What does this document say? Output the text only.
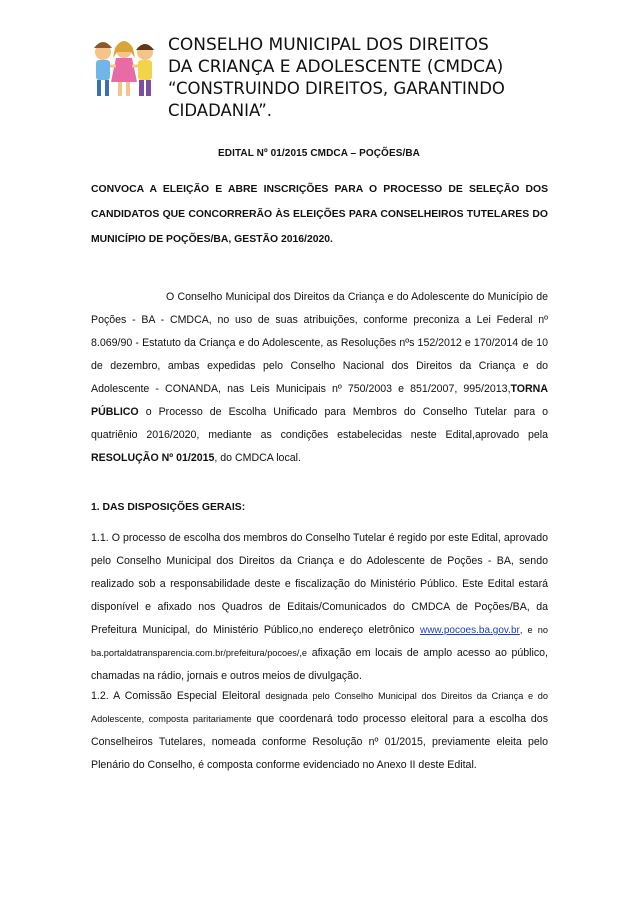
CONSELHO MUNICIPAL DOS DIREITOS
DA CRIANÇA E ADOLESCENTE (CMDCA)
“CONSTRUINDO DIREITOS, GARANTINDO CIDADANIA”.
EDITAL Nº 01/2015 CMDCA – POÇÕES/BA
CONVOCA A ELEIÇÃO E ABRE INSCRIÇÕES PARA O PROCESSO DE SELEÇÃO DOS CANDIDATOS QUE CONCORRERÃO ÀS ELEIÇÕES PARA CONSELHEIROS TUTELARES DO MUNICÍPIO DE POÇÕES/BA, GESTÃO 2016/2020.
O Conselho Municipal dos Direitos da Criança e do Adolescente do Município de Poções - BA - CMDCA, no uso de suas atribuições, conforme preconiza a Lei Federal nº 8.069/90 - Estatuto da Criança e do Adolescente, as Resoluções nºs 152/2012 e 170/2014 de 10 de dezembro, ambas expedidas pelo Conselho Nacional dos Direitos da Criança e do Adolescente - CONANDA, nas Leis Municipais nº 750/2003 e 851/2007, 995/2013,TORNA PÚBLICO o Processo de Escolha Unificado para Membros do Conselho Tutelar para o quatriênio 2016/2020, mediante as condições estabelecidas neste Edital,aprovado pela RESOLUÇÃO Nº 01/2015, do CMDCA local.
1. DAS DISPOSIÇÕES GERAIS:
1.1. O processo de escolha dos membros do Conselho Tutelar é regido por este Edital, aprovado pelo Conselho Municipal dos Direitos da Criança e do Adolescente de Poções - BA, sendo realizado sob a responsabilidade deste e fiscalização do Ministério Público. Este Edital estará disponível e afixado nos Quadros de Editais/Comunicados do CMDCA de Poções/BA, da Prefeitura Municipal, do Ministério Público,no endereço eletrônico www.pocoes.ba.gov.br, e no ba.portaldatransparencia.com.br/prefeitura/pocoes/,e afixação em locais de amplo acesso ao público, chamadas na rádio, jornais e outros meios de divulgação.
1.2. A Comissão Especial Eleitoral designada pelo Conselho Municipal dos Direitos da Criança e do Adolescente, composta paritariamente que coordenará todo processo eleitoral para a escolha dos Conselheiros Tutelares, nomeada conforme Resolução nº 01/2015, previamente eleita pelo Plenário do Conselho, é composta conforme evidenciado no Anexo II deste Edital.
